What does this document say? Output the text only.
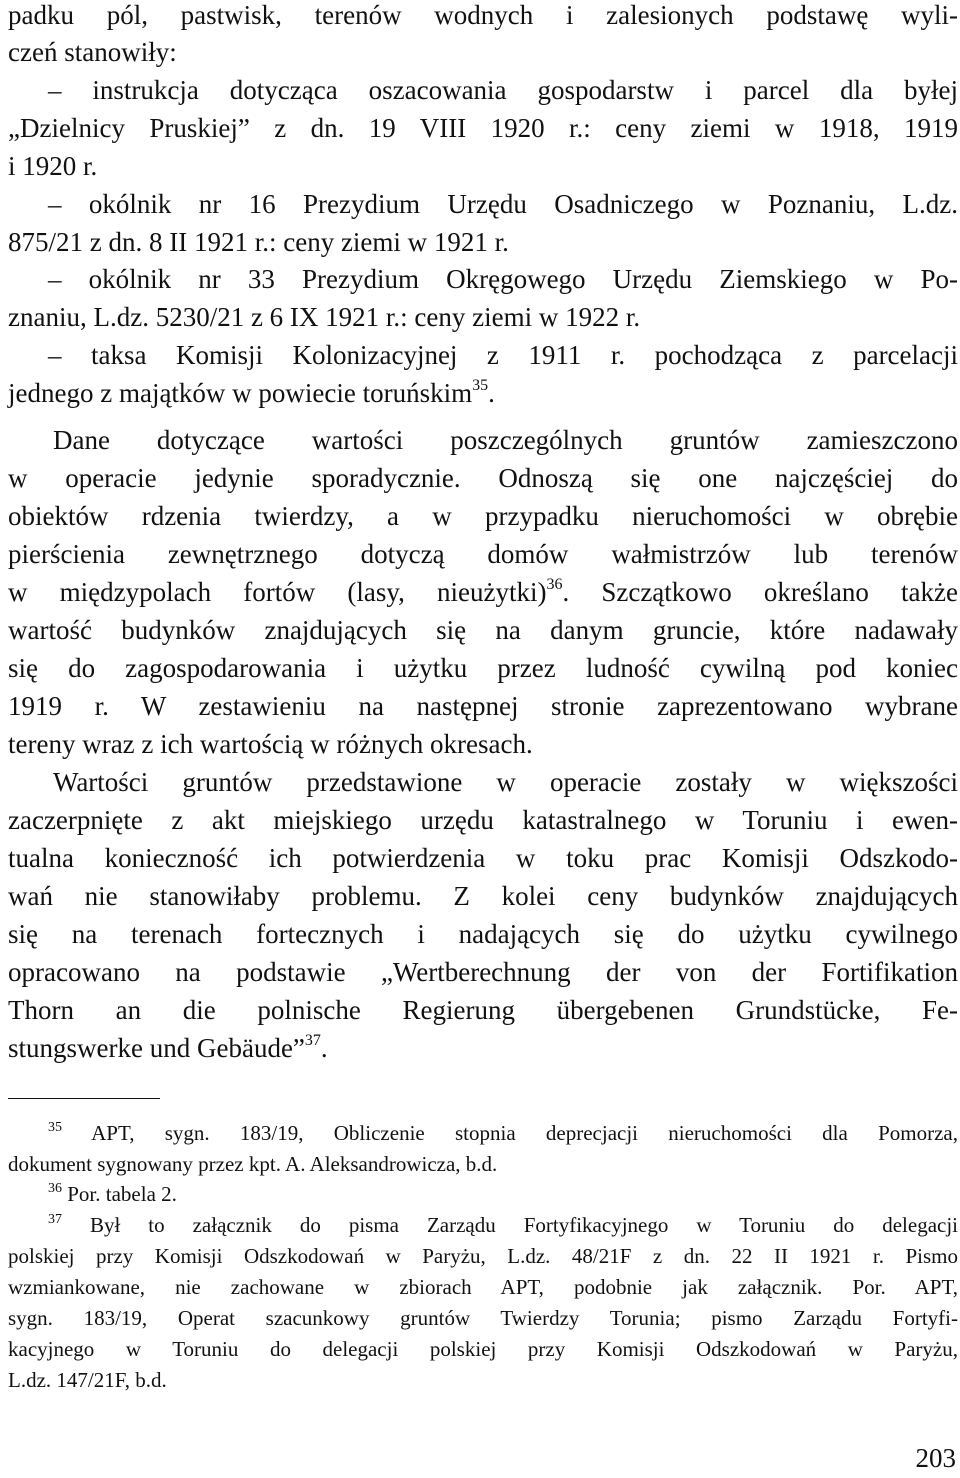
padku pól, pastwisk, terenów wodnych i zalesionych podstawę wyli-
czeń stanowiły:
– instrukcja dotycząca oszacowania gospodarstw i parcel dla byłej
„Dzielnicy Pruskiej” z dn. 19 VIII 1920 r.: ceny ziemi w 1918, 1919
i 1920 r.
– okólnik nr 16 Prezydium Urzędu Osadniczego w Poznaniu, L.dz.
875/21 z dn. 8 II 1921 r.: ceny ziemi w 1921 r.
– okólnik nr 33 Prezydium Okręgowego Urzędu Ziemskiego w Po-
znaniu, L.dz. 5230/21 z 6 IX 1921 r.: ceny ziemi w 1922 r.
– taksa Komisji Kolonizacyjnej z 1911 r. pochodząca z parcelacji
jednego z majątków w powiecie toruńskim$^{35}$.
Dane dotyczące wartości poszczególnych gruntów zamieszczono
w operacie jedynie sporadycznie. Odnoszą się one najczęściej do
obiektów rdzenia twierdzy, a w przypadku nieruchomości w obrębie
pierścienia zewnętrznego dotyczą domów wałmistrzów lub terenów
w międzypolach fortów (lasy, nieużytki)$^{36}$. Szczątkowo określano także
wartość budynków znajdujących się na danym gruncie, które nadawały
się do zagospodarowania i użytku przez ludność cywilną pod koniec
1919 r. W zestawieniu na następnej stronie zaprezentowano wybrane
tereny wraz z ich wartością w różnych okresach.
Wartości gruntów przedstawione w operacie zostały w większości
zaczerpnięte z akt miejskiego urzędu katastralnego w Toruniu i ewen-
tualna konieczność ich potwierdzenia w toku prac Komisji Odszkodo-
wań nie stanowiłaby problemu. Z kolei ceny budynków znajdujących
się na terenach fortecznych i nadających się do użytku cywilnego
opracowano na podstawie „Wertberechnung der von der Fortifikation
Thorn an die polnische Regierung übergebenen Grundstücke, Fe-
stungswerke und Gebäude”$^{37}$.
$^{35}$ APT, sygn. 183/19, Obliczenie stopnia deprecjacji nieruchomości dla Pomorza,
dokument sygnowany przez kpt. A. Aleksandrowicza, b.d.
$^{36}$ Por. tabela 2.
$^{37}$ Był to załącznik do pisma Zarządu Fortyfikacyjnego w Toruniu do delegacji
polskiej przy Komisji Odszkodowań w Paryżu, L.dz. 48/21F z dn. 22 II 1921 r. Pismo
wzmiankowane, nie zachowane w zbiorach APT, podobnie jak załącznik. Por. APT,
sygn. 183/19, Operat szacunkowy gruntów Twierdzy Torunia; pismo Zarządu Fortyfi-
kacyjnego w Toruniu do delegacji polskiej przy Komisji Odszkodowań w Paryżu,
L.dz. 147/21F, b.d.
203
